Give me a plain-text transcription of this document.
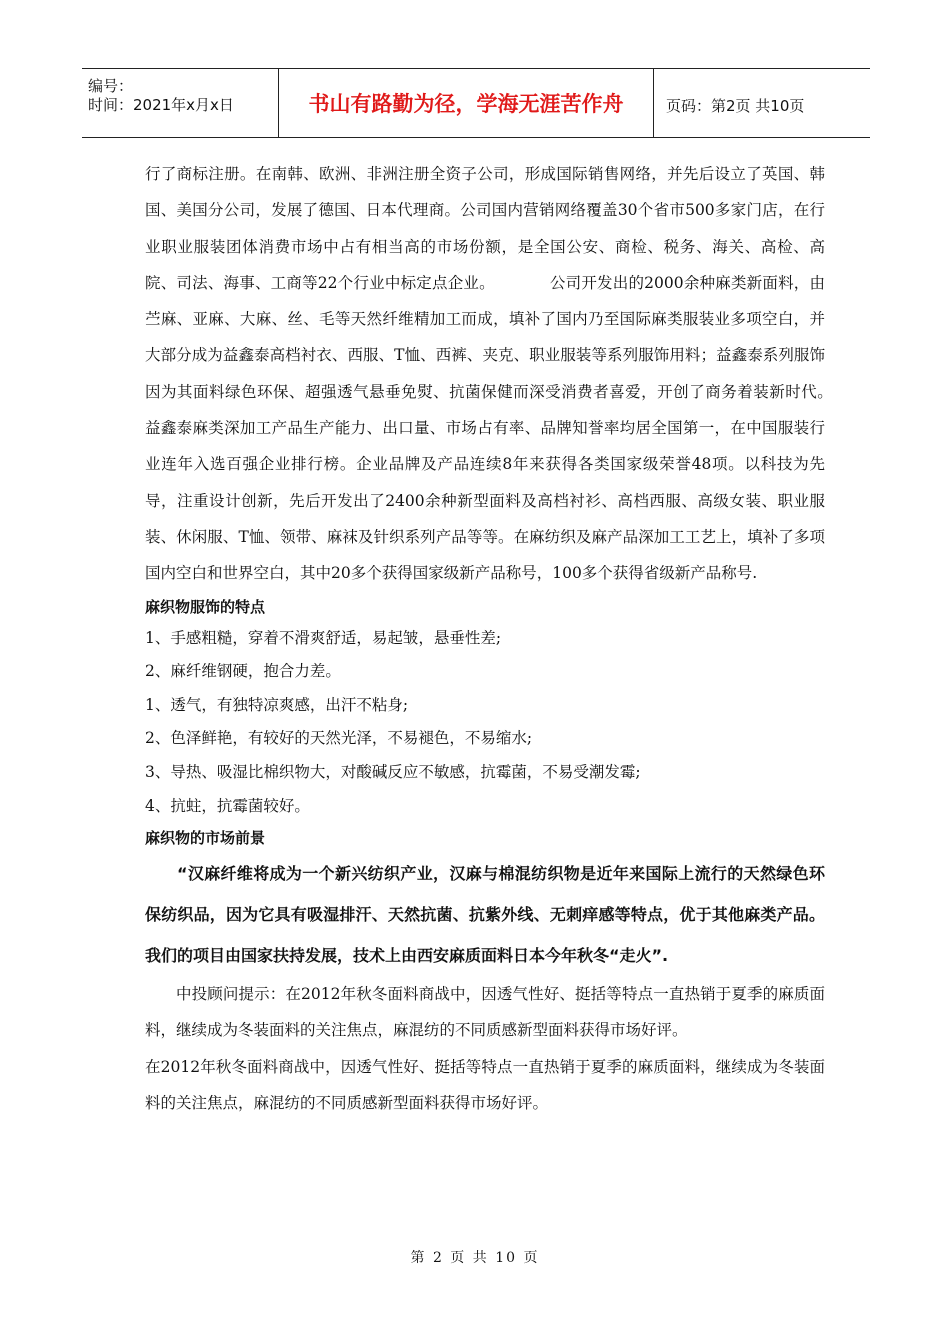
编号：
时间：2021年x月x日	书山有路勤为径，学海无涯苦作舟	页码：第2页 共10页

行了商标注册。在南韩、欧洲、非洲注册全资子公司，形成国际销售网络，并先后设立了英国、韩国、美国分公司，发展了德国、日本代理商。公司国内营销网络覆盖30个省市500多家门店，在行业职业服装团体消费市场中占有相当高的市场份额，是全国公安、商检、税务、海关、高检、高院、司法、海事、工商等22个行业中标定点企业。　　　　公司开发出的2000余种麻类新面料，由苎麻、亚麻、大麻、丝、毛等天然纤维精加工而成，填补了国内乃至国际麻类服装业多项空白，并大部分成为益鑫泰高档衬衣、西服、T恤、西裤、夹克、职业服装等系列服饰用料；益鑫泰系列服饰因为其面料绿色环保、超强透气悬垂免熨、抗菌保健而深受消费者喜爱，开创了商务着装新时代。　　益鑫泰麻类深加工产品生产能力、出口量、市场占有率、品牌知誉率均居全国第一，在中国服装行业连年入选百强企业排行榜。企业品牌及产品连续8年来获得各类国家级荣誉48项。以科技为先导，注重设计创新，先后开发出了2400余种新型面料及高档衬衫、高档西服、高级女装、职业服装、休闲服、T恤、领带、麻袜及针织系列产品等等。在麻纺织及麻产品深加工工艺上，填补了多项国内空白和世界空白，其中20多个获得国家级新产品称号，100多个获得省级新产品称号.

麻织物服饰的特点

1、手感粗糙，穿着不滑爽舒适，易起皱，悬垂性差;

2、麻纤维钢硬，抱合力差。

1、透气，有独特凉爽感，出汗不粘身;

2、色泽鲜艳，有较好的天然光泽，不易褪色，不易缩水;

3、导热、吸湿比棉织物大，对酸碱反应不敏感，抗霉菌，不易受潮发霉;

4、抗蛀，抗霉菌较好。

麻织物的市场前景

“汉麻纤维将成为一个新兴纺织产业，汉麻与棉混纺织物是近年来国际上流行的天然绿色环保纺织品，因为它具有吸湿排汗、天然抗菌、抗紫外线、无刺痒感等特点，优于其他麻类产品。我们的项目由国家扶持发展，技术上由西安麻质面料日本今年秋冬“走火”.

中投顾问提示：在2012年秋冬面料商战中，因透气性好、挺括等特点一直热销于夏季的麻质面料，继续成为冬装面料的关注焦点，麻混纺的不同质感新型面料获得市场好评。

在2012年秋冬面料商战中，因透气性好、挺括等特点一直热销于夏季的麻质面料，继续成为冬装面料的关注焦点，麻混纺的不同质感新型面料获得市场好评。

第 2 页 共 10 页
